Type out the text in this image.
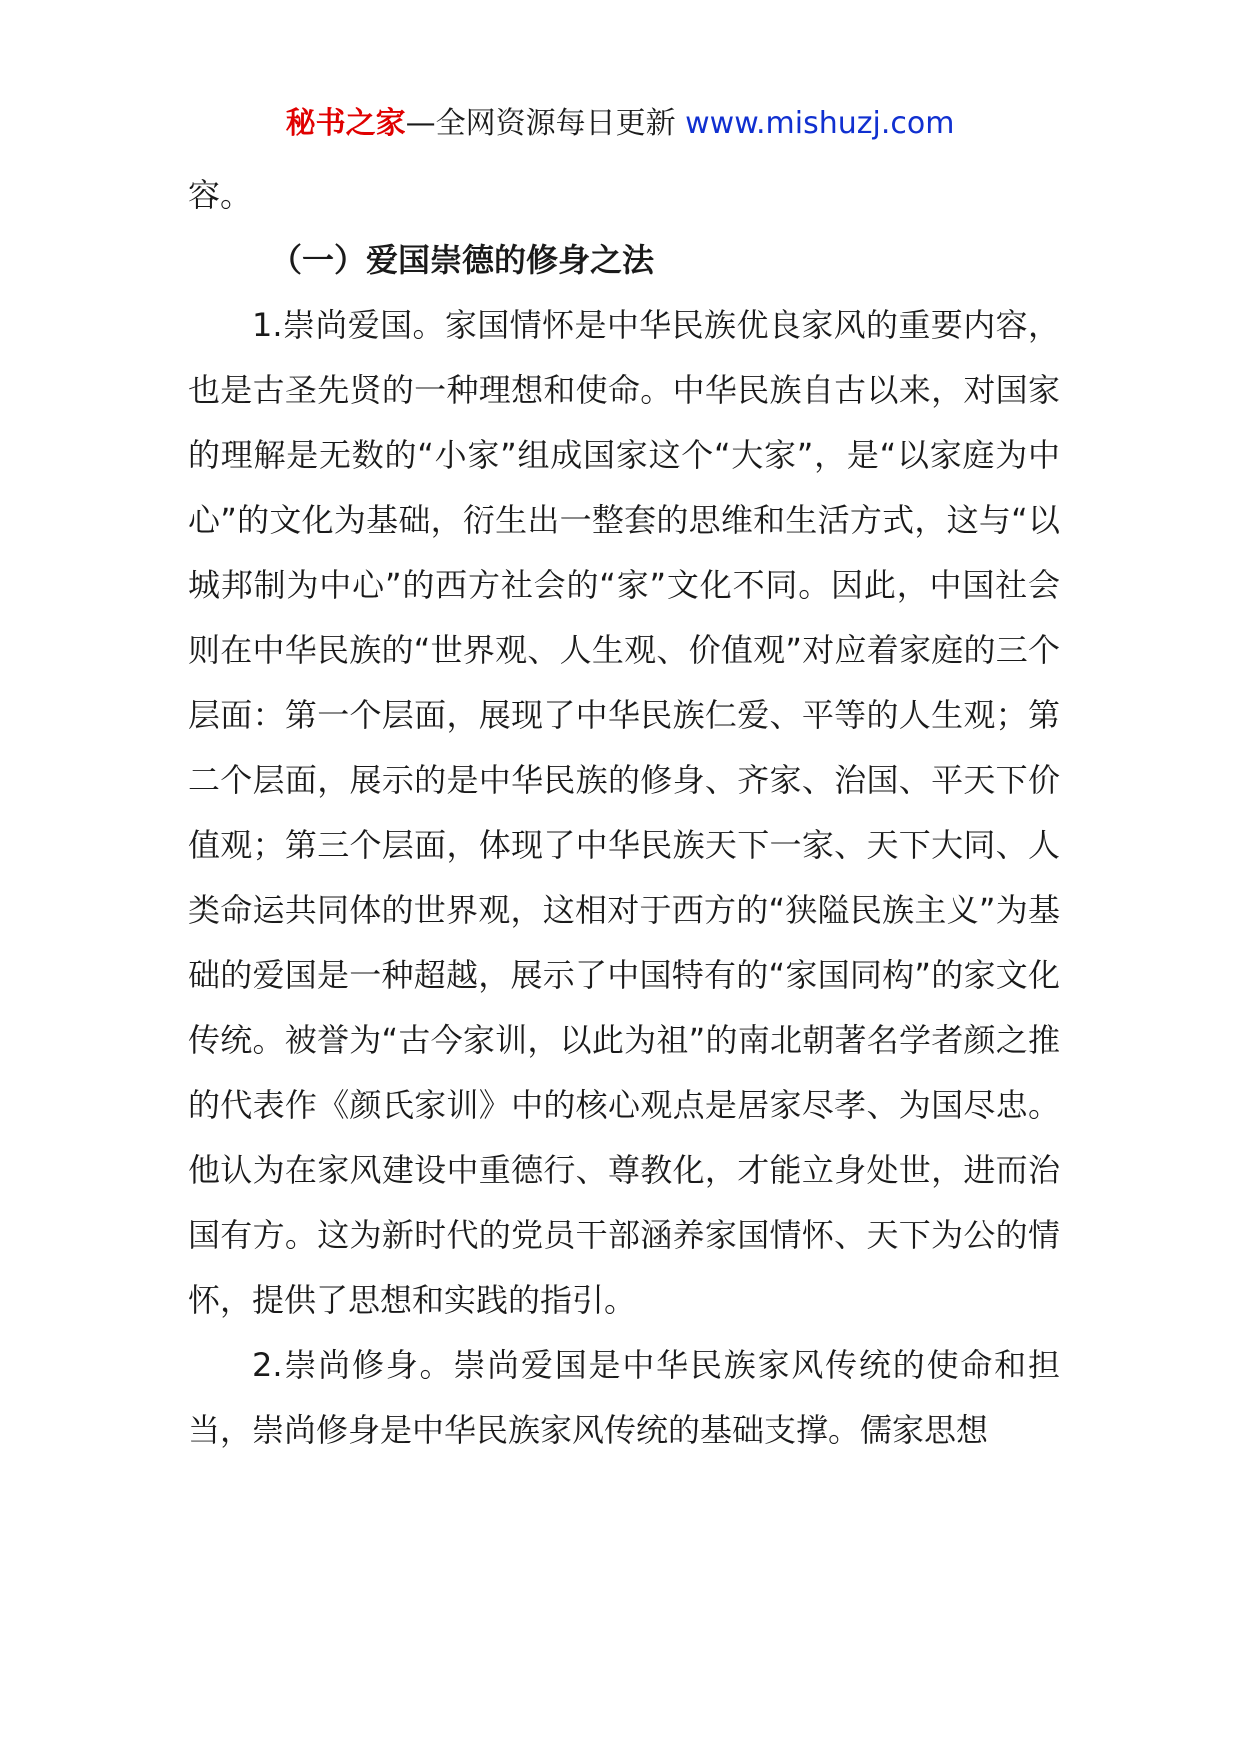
秘书之家—全网资源每日更新 www.mishuzj.com

容。

（一）爱国崇德的修身之法

1.崇尚爱国。家国情怀是中华民族优良家风的重要内容，也是古圣先贤的一种理想和使命。中华民族自古以来，对国家的理解是无数的“小家”组成国家这个“大家”，是“以家庭为中心”的文化为基础，衍生出一整套的思维和生活方式，这与“以城邦制为中心”的西方社会的“家”文化不同。因此，中国社会则在中华民族的“世界观、人生观、价值观”对应着家庭的三个层面：第一个层面，展现了中华民族仁爱、平等的人生观；第二个层面，展示的是中华民族的修身、齐家、治国、平天下价值观；第三个层面，体现了中华民族天下一家、天下大同、人类命运共同体的世界观，这相对于西方的“狭隘民族主义”为基础的爱国是一种超越，展示了中国特有的“家国同构”的家文化传统。被誉为“古今家训，以此为祖”的南北朝著名学者颜之推的代表作《颜氏家训》中的核心观点是居家尽孝、为国尽忠。他认为在家风建设中重德行、尊教化，才能立身处世，进而治国有方。这为新时代的党员干部涵养家国情怀、天下为公的情怀，提供了思想和实践的指引。

2.崇尚修身。崇尚爱国是中华民族家风传统的使命和担当，崇尚修身是中华民族家风传统的基础支撑。儒家思想
